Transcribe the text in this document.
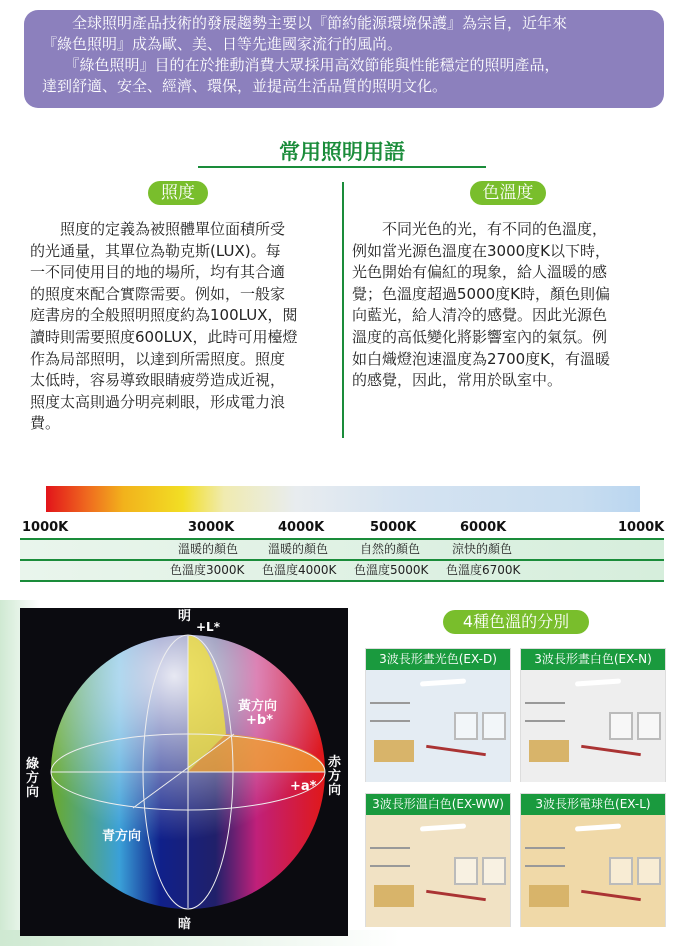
　　全球照明產品技術的發展趨勢主要以『節約能源環境保護』為宗旨，近年來
『綠色照明』成為歐、美、日等先進國家流行的風尚。
　　『綠色照明』目的在於推動消費大眾採用高效節能與性能穩定的照明產品，
達到舒適、安全、經濟、環保，並提高生活品質的照明文化。
常用照明用語
照度	色溫度
　　照度的定義為被照體單位面積所受
的光通量，其單位為勒克斯(LUX)。每
一不同使用目的地的場所，均有其合適
的照度來配合實際需要。例如，一般家
庭書房的全般照明照度約為100LUX，閱
讀時則需要照度600LUX，此時可用檯燈
作為局部照明，以達到所需照度。照度
太低時，容易導致眼睛疲勞造成近視，
照度太高則過分明亮刺眼，形成電力浪
費。
　　不同光色的光，有不同的色溫度，
例如當光源色溫度在3000度K以下時，
光色開始有偏紅的現象，給人溫暖的感
覺；色溫度超過5000度K時，顏色則偏
向藍光，給人清冷的感覺。因此光源色
溫度的高低變化將影響室內的氣氛。例
如白熾燈泡速溫度為2700度K，有溫暖
的感覺，因此，常用於臥室中。
1000K	3000K	4000K	5000K	6000K	1000K
溫暖的顏色 溫暖的顏色	自然的顏色	涼快的顏色
色溫度3000K 色溫度4000K 色溫度5000K 色溫度6700K
明
+L*
黃方向
+b*
綠方向
赤方向
+a*
青方向
暗
4種色溫的分別
3波長形晝光色(EX-D)	3波長形晝白色(EX-N)
3波長形溫白色(EX-WW)	3波長形電球色(EX-L)
